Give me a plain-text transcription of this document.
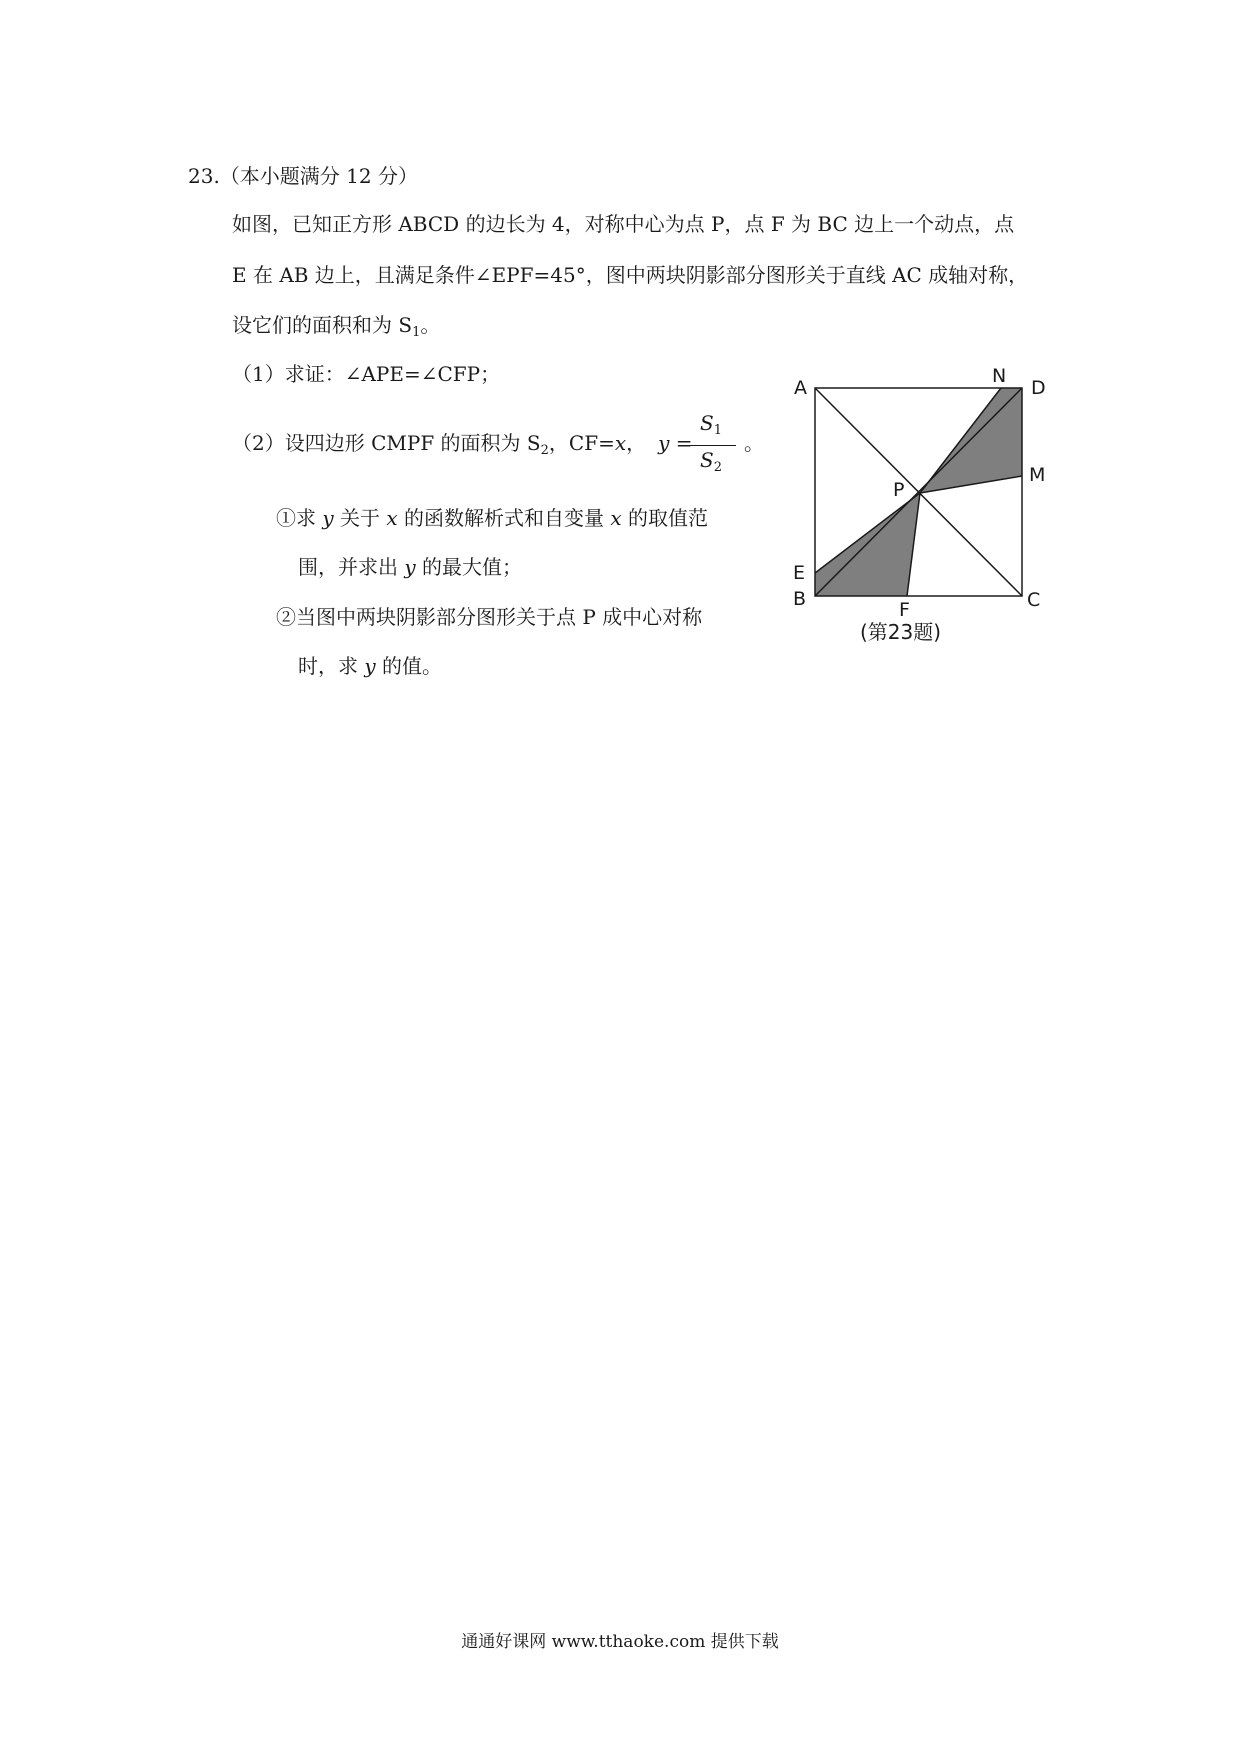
23.（本小题满分 12 分）
如图，已知正方形 ABCD 的边长为 4，对称中心为点 P，点 F 为 BC 边上一个动点，点
E 在 AB 边上，且满足条件∠EPF=45°，图中两块阴影部分图形关于直线 AC 成轴对称，
设它们的面积和为 $S_1$。
（1）求证：∠APE=∠CFP；
（2）设四边形 CMPF 的面积为 $S_2$，CF=x， y =
$S_1$
$S_2$
。
①求 y 关于 x 的函数解析式和自变量 x 的取值范
围，并求出 y 的最大值；
②当图中两块阴影部分图形关于点 P 成中心对称
时，求 y 的值。
A
N
D
M
P
E
B	F	C
(第23题)
通通好课网 www.tthaoke.com 提供下载
